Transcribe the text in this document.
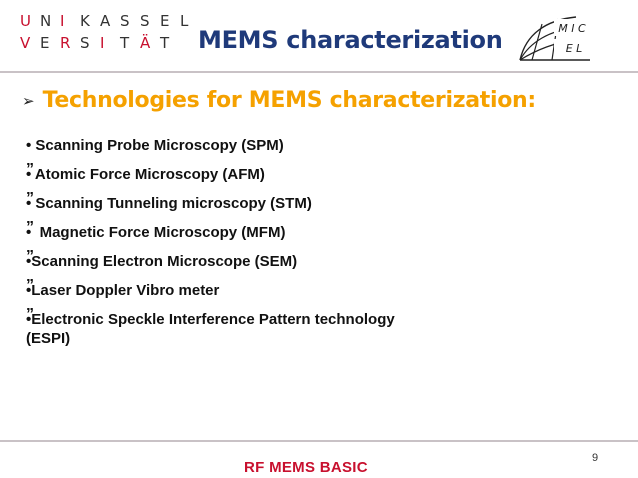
U N I	K A S S E L
V E R S I	T Ä T	MEMS characterization	M I C
E L
➢ Technologies for MEMS characterization:
• Scanning Probe Microscopy (SPM)
„
• Atomic Force Microscopy (AFM)
„
• Scanning Tunneling microscopy (STM)
„
•  Magnetic Force Microscopy (MFM)
„
•Scanning Electron Microscope (SEM)
„
•Laser Doppler Vibro meter
„
•Electronic Speckle Interference Pattern technology
(ESPI)
9
RF MEMS BASIC
